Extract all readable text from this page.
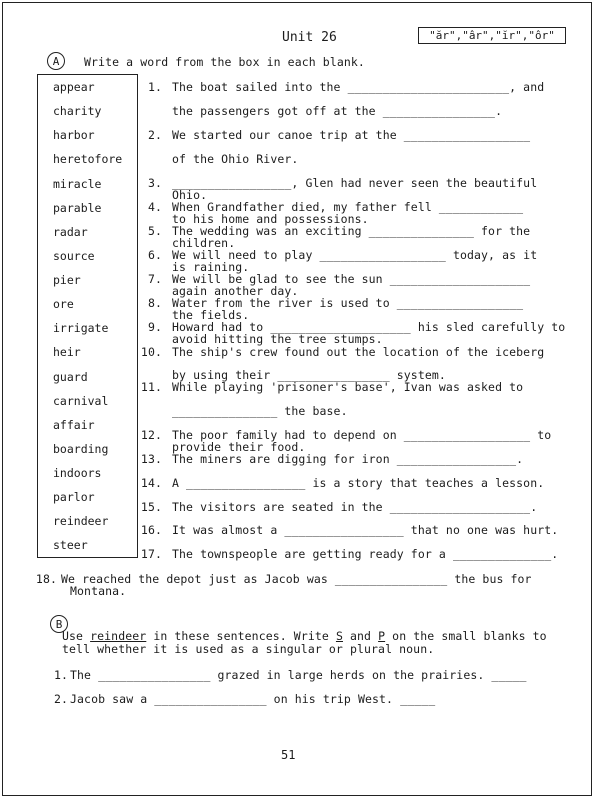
Unit 26	"ăr","âr","ĭr","ôr"
A	Write a word from the box in each blank.
appear
charity
harbor
heretofore
miracle
parable
radar
source
pier
ore
irrigate
heir
guard
carnival
affair
boarding
indoors
parlor
reindeer
steer
1. The boat sailed into the _______________________, and
the passengers got off at the ________________.
2. We started our canoe trip at the __________________
of the Ohio River.
3. _________________, Glen had never seen the beautiful
Ohio.
4. When Grandfather died, my father fell ____________
to his home and possessions.
5. The wedding was an exciting _______________ for the
children.
6. We will need to play __________________ today, as it
is raining.
7. We will be glad to see the sun ____________________
again another day.
8. Water from the river is used to __________________
the fields.
9. Howard had to ____________________ his sled carefully to
avoid hitting the tree stumps.
10. The ship's crew found out the location of the iceberg
by using their ________________ system.
11. While playing 'prisoner's base', Ivan was asked to
_______________ the base.
12. The poor family had to depend on __________________ to
provide their food.
13. The miners are digging for iron _________________.
14. A _________________ is a story that teaches a lesson.
15. The visitors are seated in the ____________________.
16. It was almost a _________________ that no one was hurt.
17. The townspeople are getting ready for a ______________.
18. We reached the depot just as Jacob was ________________ the bus for
Montana.
B
Use reindeer in these sentences. Write S and P on the small blanks to
tell whether it is used as a singular or plural noun.
1. The ________________ grazed in large herds on the prairies. _____
2. Jacob saw a ________________ on his trip West. _____
51
